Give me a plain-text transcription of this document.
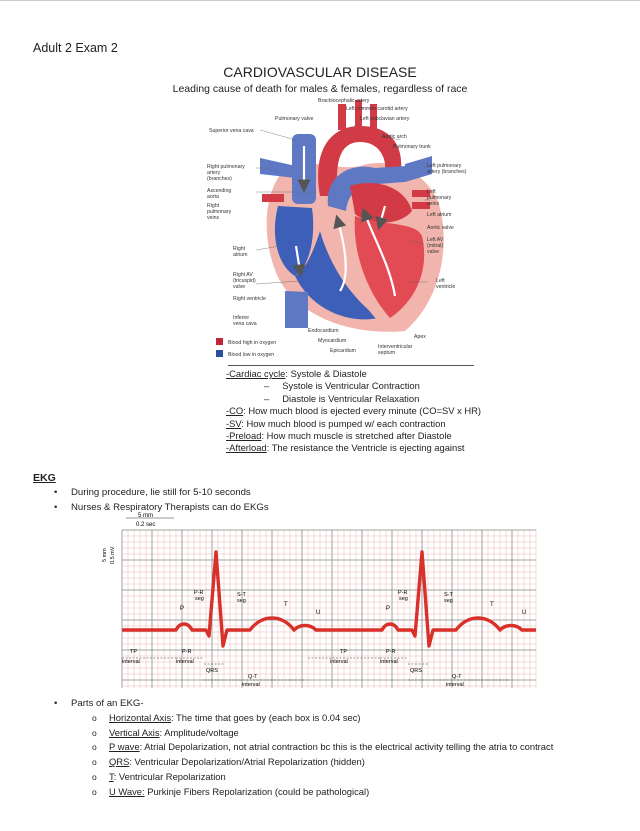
Adult 2 Exam 2
CARDIOVASCULAR DISEASE
Leading cause of death for males & females, regardless of race
Brachiocephalic artery
Left common carotid artery
Pulmonary valve	Left subclavian artery
Superior vena cava
Aortic arch
Pulmonary trunk
Right pulmonary
artery
(branches)
Left pulmonary
artery (branches)
Ascending
aorta
Right
pulmonary
veins
Left
pulmonary
veins
Left atrium
Aortic valve
Left AV
(mitral)
valve
Right
atrium
Right AV
(tricuspid)
valve
Right ventricle
Left
ventricle
Inferior
vena cava
Endocardium
Myocardium
Epicardium
Apex
Interventricular
septum
Blood high in oxygen
Blood low in oxygen
-Cardiac cycle: Systole & Diastole
–     Systole is Ventricular Contraction
–     Diastole is Ventricular Relaxation
-CO: How much blood is ejected every minute (CO=SV x HR)
-SV: How much blood is pumped w/ each contraction
-Preload: How much muscle is stretched after Diastole
-Afterload: The resistance the Ventricle is ejecting against
EKG
• During procedure, lie still for 5-10 seconds
• Nurses & Respiratory Therapists can do EKGs
5 mm
0.2 sec
5 mm 0.5 mV
P
P-R
seg
S-T
seg
T
U
P
P-R
seg
S-T
seg
T
U
TP
interval
P-R
interval
QRS
Q-T
interval
TP
interval
P-R
interval
QRS
Q-T
interval
• Parts of an EKG-
o Horizontal Axis: The time that goes by (each box is 0.04 sec)
o Vertical Axis: Amplitude/voltage
o P wave: Atrial Depolarization, not atrial contraction bc this is the electrical activity telling the atria to contract
o QRS: Ventricular Depolarization/Atrial Repolarization (hidden)
o T: Ventricular Repolarization
o U Wave: Purkinje Fibers Repolarization (could be pathological)
